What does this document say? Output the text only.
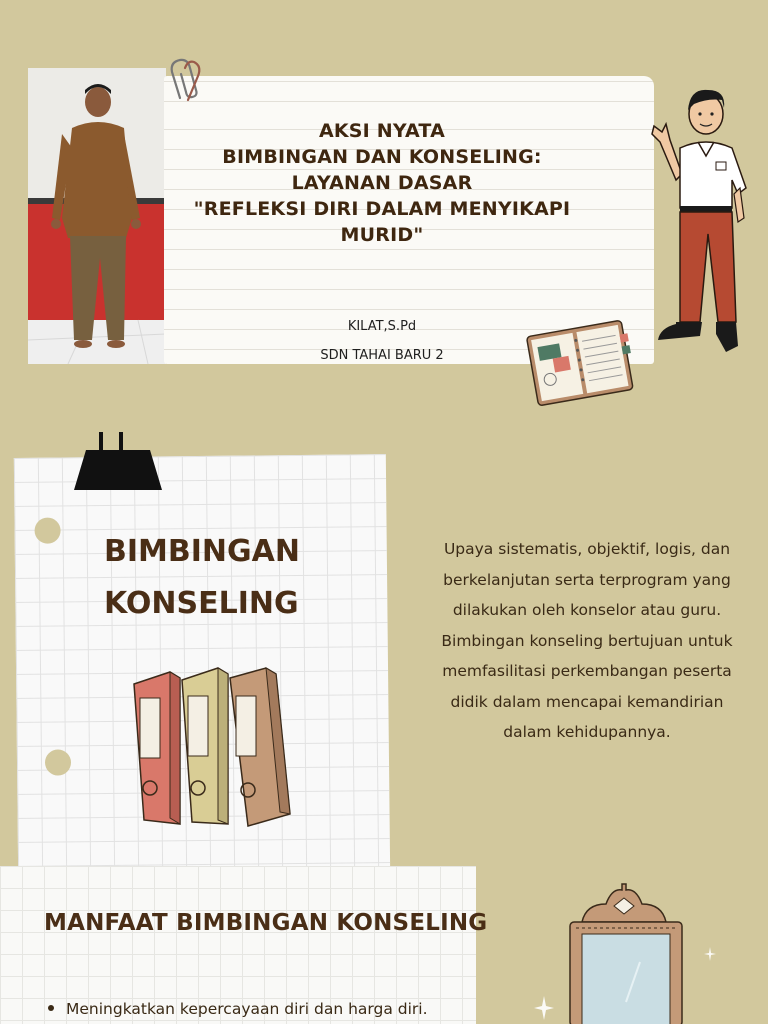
AKSI NYATA
BIMBINGAN DAN KONSELING:
LAYANAN DASAR
"REFLEKSI DIRI DALAM MENYIKAPI MURID"
KILAT,S.Pd
SDN TAHAI BARU 2
BIMBINGAN
KONSELING

Upaya sistematis, objektif, logis, dan berkelanjutan serta terprogram yang dilakukan oleh konselor atau guru. Bimbingan konseling bertujuan untuk memfasilitasi perkembangan peserta didik dalam mencapai kemandirian dalam kehidupannya.

MANFAAT BIMBINGAN KONSELING
Meningkatkan kepercayaan diri dan harga diri.
